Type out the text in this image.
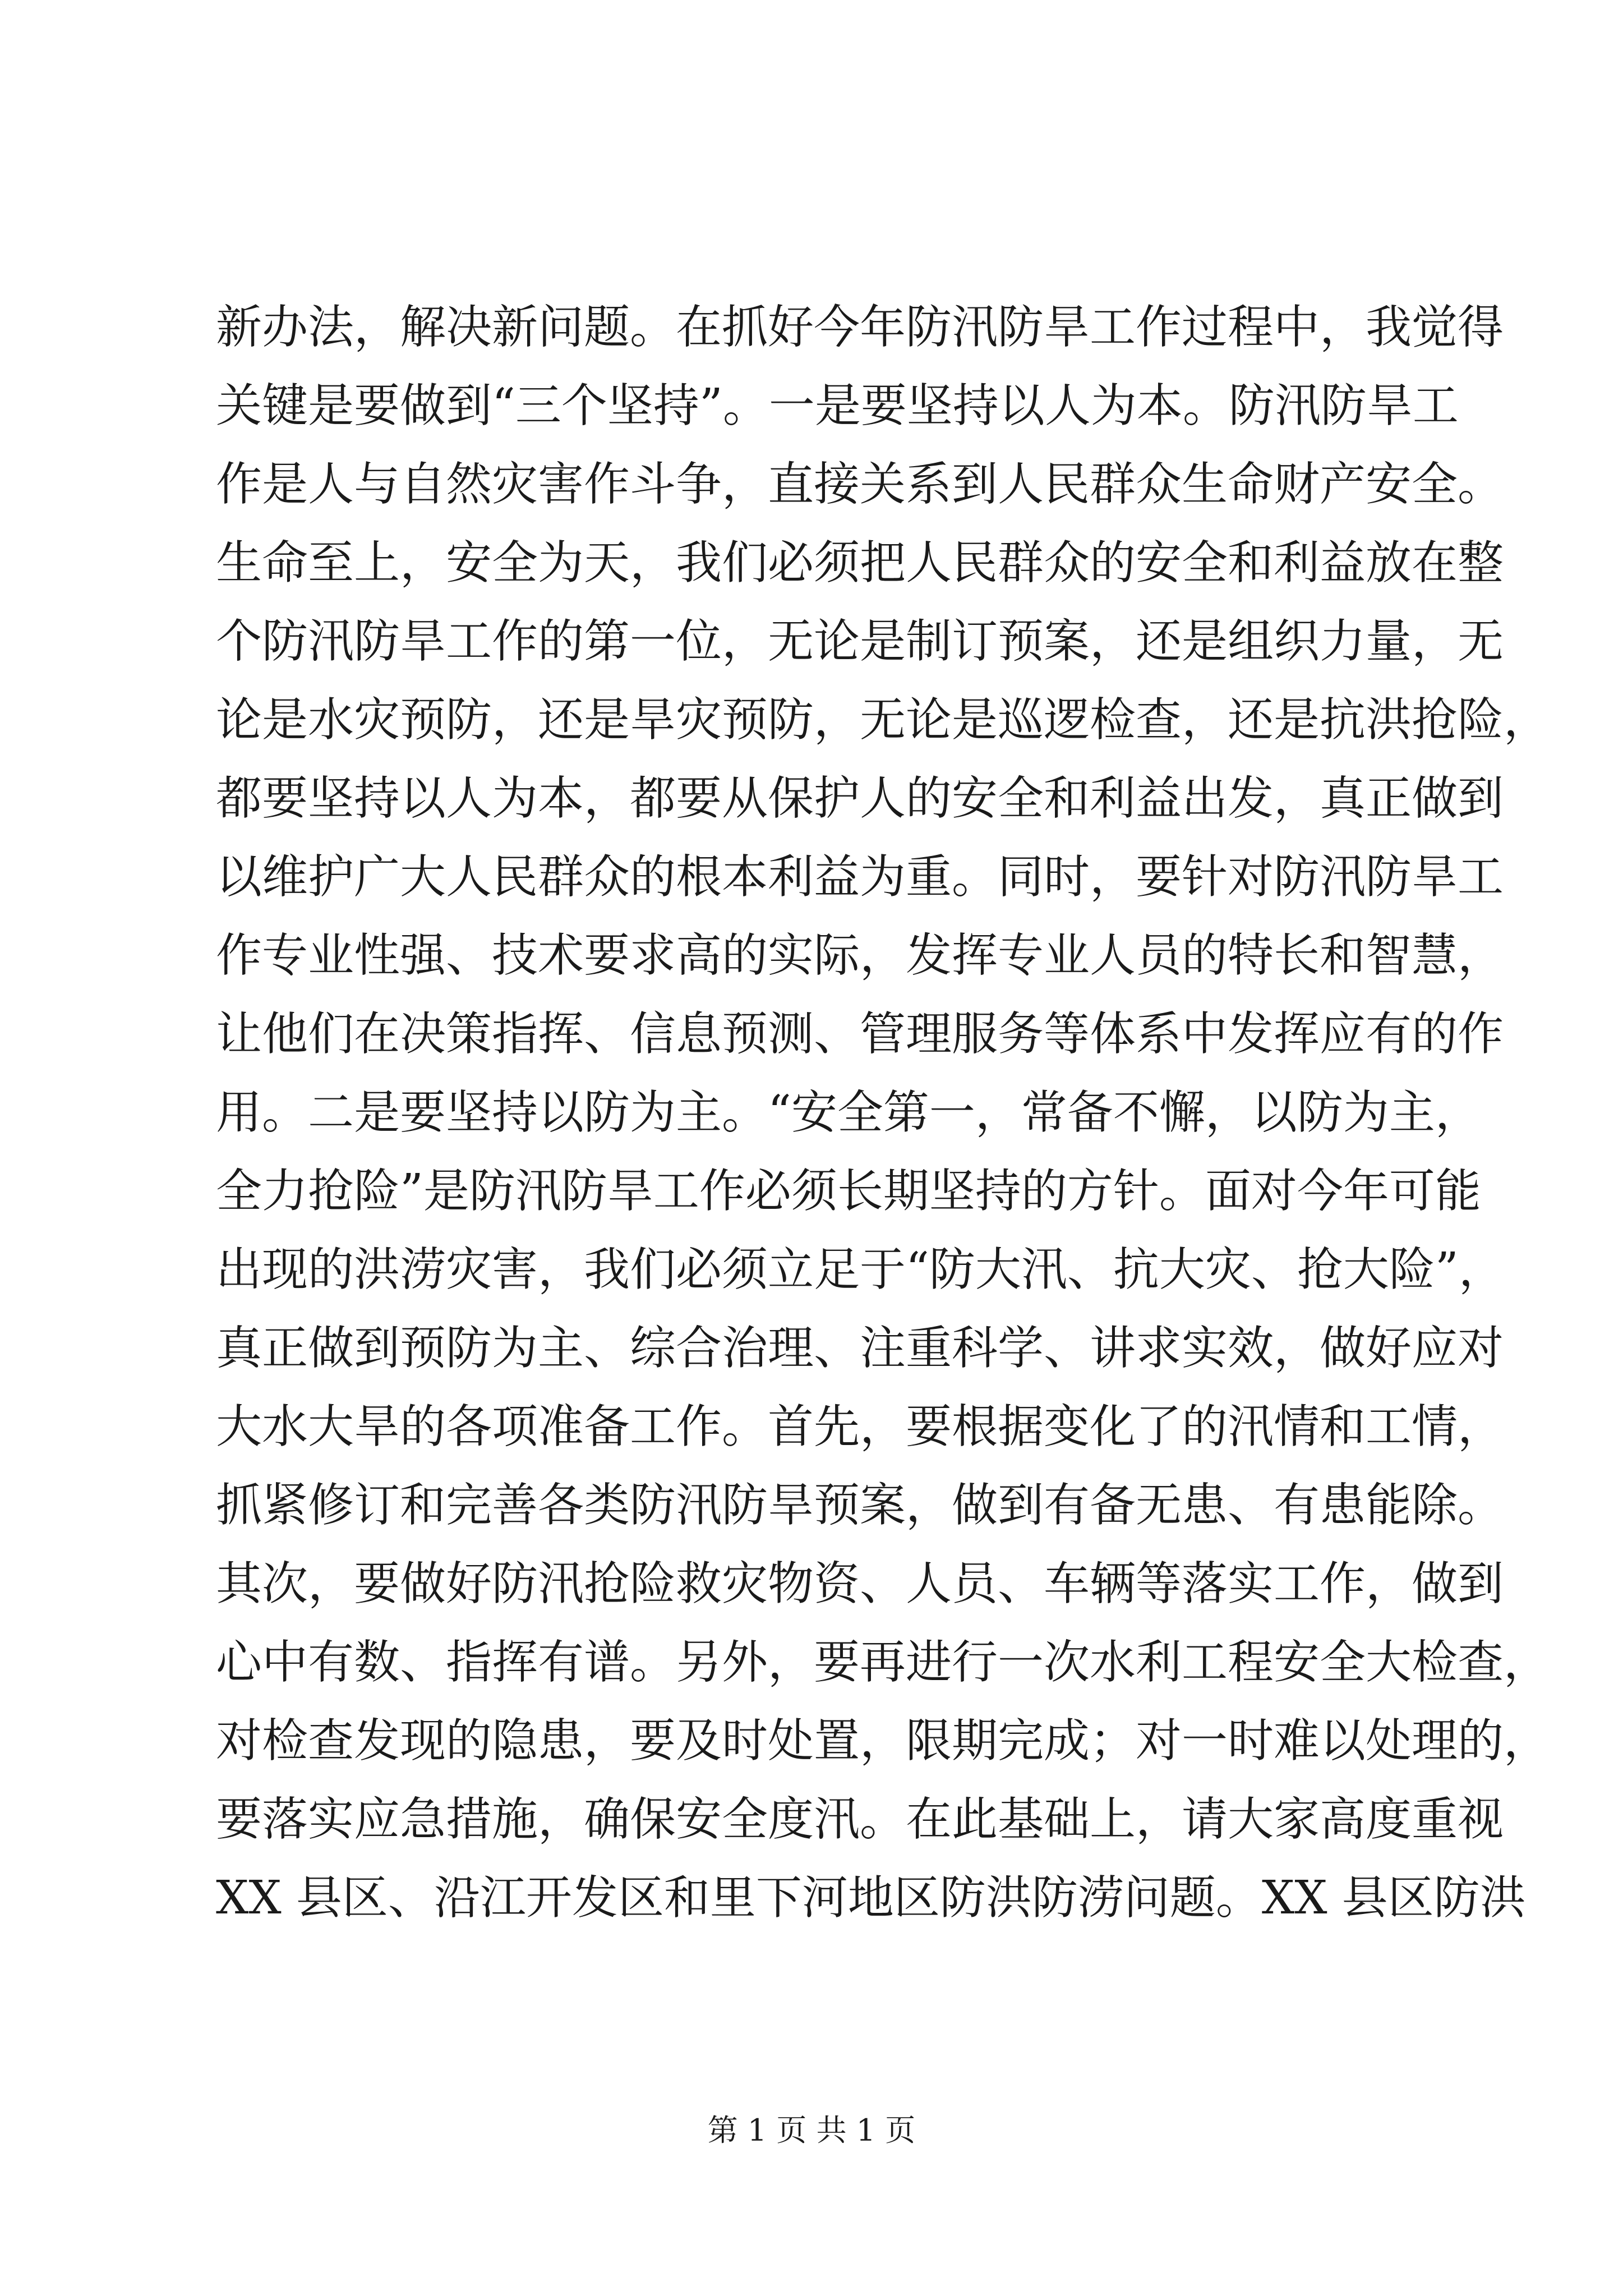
新办法，解决新问题。在抓好今年防汛防旱工作过程中，我觉得
关键是要做到“三个坚持”。一是要坚持以人为本。防汛防旱工
作是人与自然灾害作斗争，直接关系到人民群众生命财产安全。
生命至上，安全为天，我们必须把人民群众的安全和利益放在整
个防汛防旱工作的第一位，无论是制订预案，还是组织力量，无
论是水灾预防，还是旱灾预防，无论是巡逻检查，还是抗洪抢险，
都要坚持以人为本，都要从保护人的安全和利益出发，真正做到
以维护广大人民群众的根本利益为重。同时，要针对防汛防旱工
作专业性强、技术要求高的实际，发挥专业人员的特长和智慧，
让他们在决策指挥、信息预测、管理服务等体系中发挥应有的作
用。二是要坚持以防为主。“安全第一，常备不懈，以防为主，
全力抢险”是防汛防旱工作必须长期坚持的方针。面对今年可能
出现的洪涝灾害，我们必须立足于“防大汛、抗大灾、抢大险”，
真正做到预防为主、综合治理、注重科学、讲求实效，做好应对
大水大旱的各项准备工作。首先，要根据变化了的汛情和工情，
抓紧修订和完善各类防汛防旱预案，做到有备无患、有患能除。
其次，要做好防汛抢险救灾物资、人员、车辆等落实工作，做到
心中有数、指挥有谱。另外，要再进行一次水利工程安全大检查，
对检查发现的隐患，要及时处置，限期完成；对一时难以处理的，
要落实应急措施，确保安全度汛。在此基础上，请大家高度重视
XX 县区、沿江开发区和里下河地区防洪防涝问题。XX 县区防洪
第 1 页 共 1 页
